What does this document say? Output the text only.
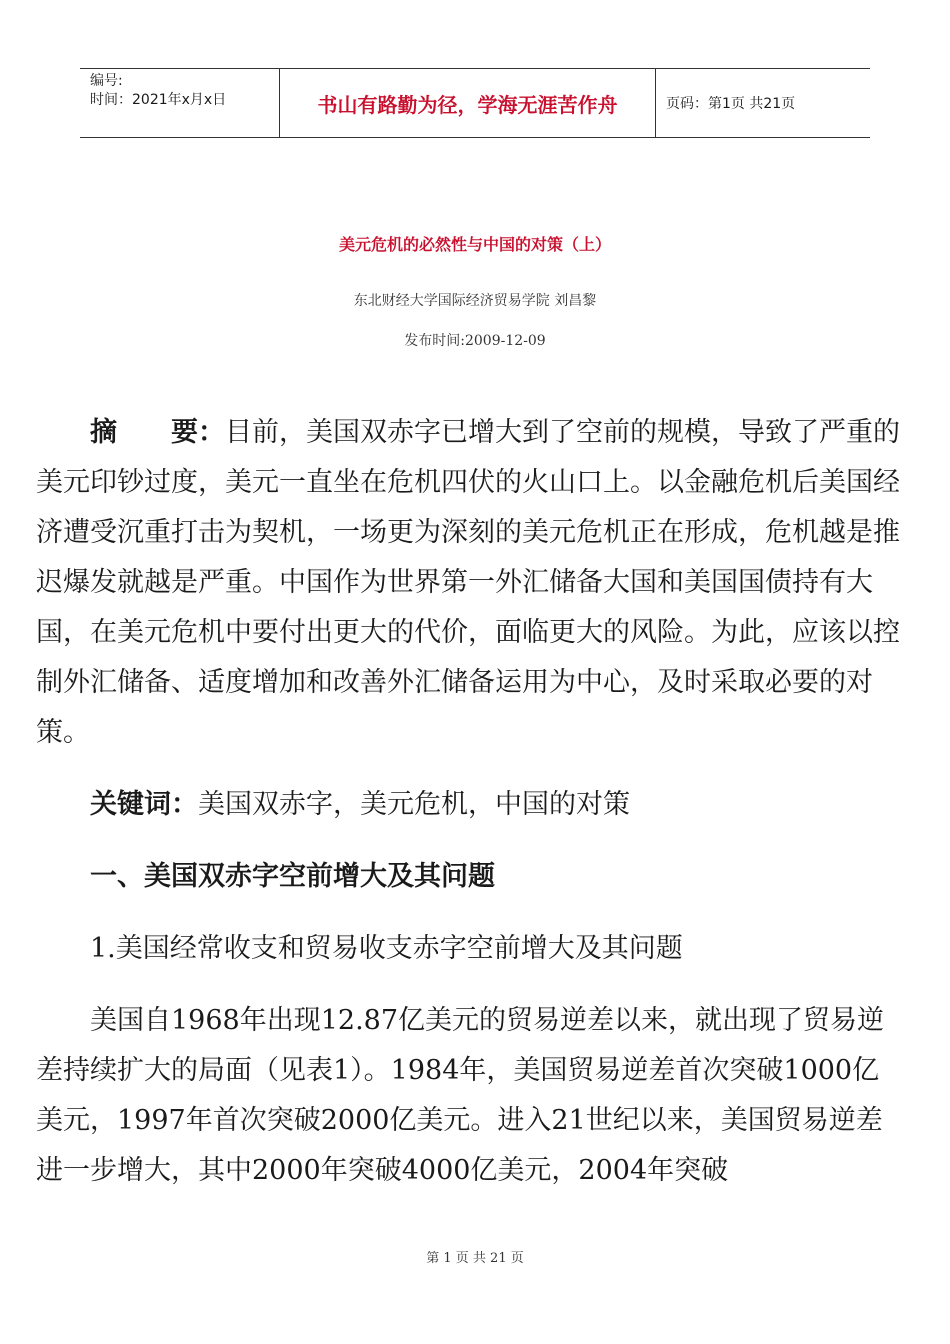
编号:
时间：2021年x月x日	书山有路勤为径，学海无涯苦作舟	页码：第1页 共21页
美元危机的必然性与中国的对策（上）
东北财经大学国际经济贸易学院 刘昌黎
发布时间:2009-12-09

摘　　要：目前，美国双赤字已增大到了空前的规模，导致了严重的美元印钞过度，美元一直坐在危机四伏的火山口上。以金融危机后美国经济遭受沉重打击为契机，一场更为深刻的美元危机正在形成，危机越是推迟爆发就越是严重。中国作为世界第一外汇储备大国和美国国债持有大国，在美元危机中要付出更大的代价，面临更大的风险。为此，应该以控制外汇储备、适度增加和改善外汇储备运用为中心，及时采取必要的对策。

关键词：美国双赤字，美元危机，中国的对策

一、美国双赤字空前增大及其问题

1.美国经常收支和贸易收支赤字空前增大及其问题

美国自1968年出现12.87亿美元的贸易逆差以来，就出现了贸易逆差持续扩大的局面（见表1）。1984年，美国贸易逆差首次突破1000亿美元，1997年首次突破2000亿美元。进入21世纪以来，美国贸易逆差进一步增大，其中2000年突破4000亿美元，2004年突破

第 1 页 共 21 页
